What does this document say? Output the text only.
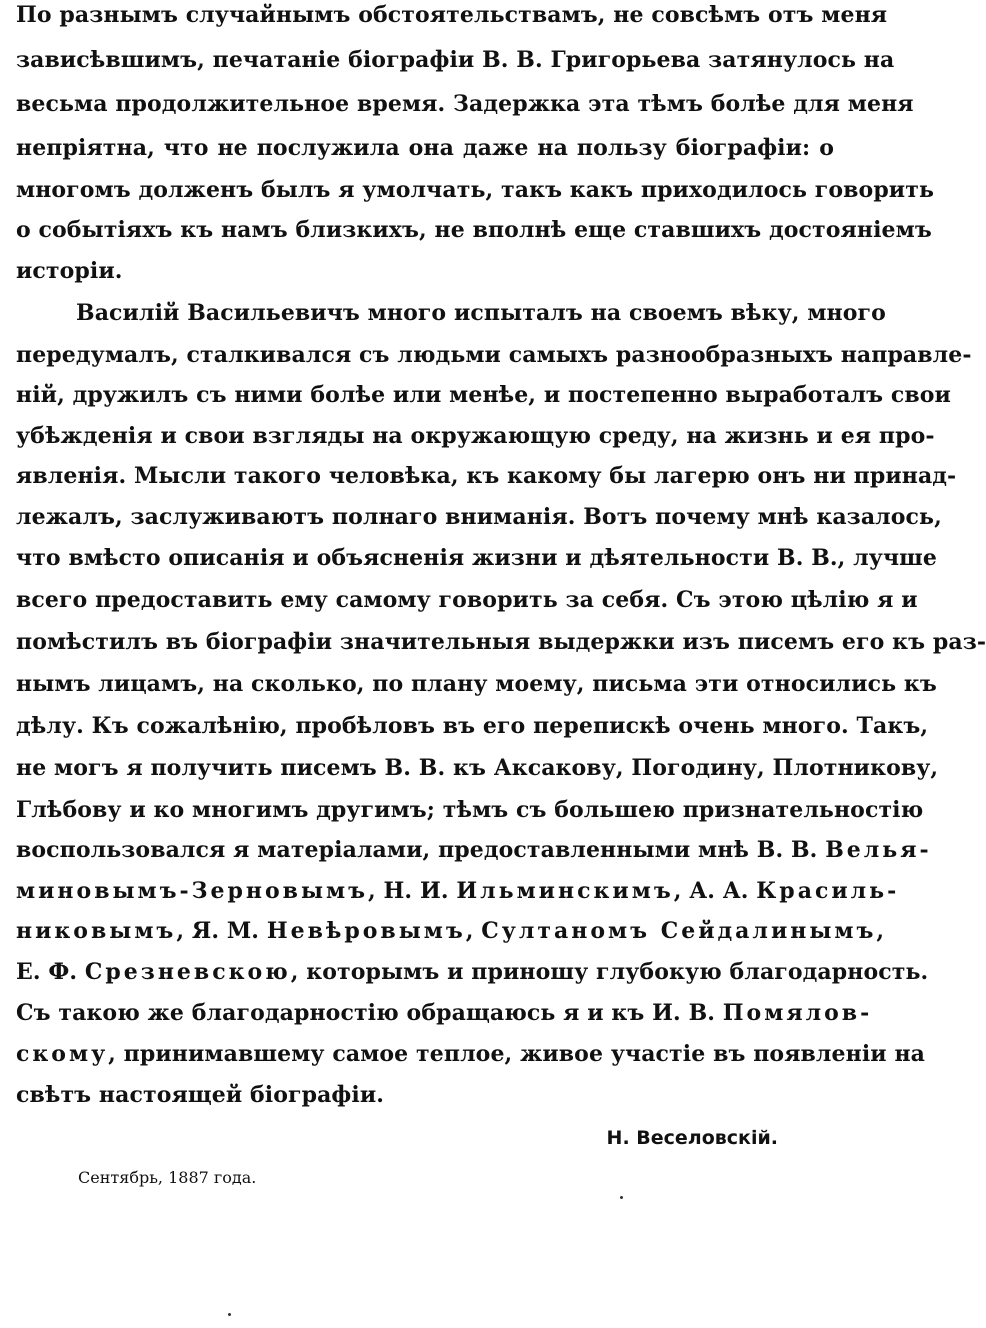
По разнымъ случайнымъ обстоятельствамъ, не совсѣмъ отъ меня
зависѣвшимъ, печатаніе біографіи В. В. Григорьева затянулось на
весьма продолжительное время. Задержка эта тѣмъ болѣе для меня
непріятна, что не послужила она даже на пользу біографіи: о
многомъ долженъ былъ я умолчать, такъ какъ приходилось говорить
о событіяхъ къ намъ близкихъ, не вполнѣ еще ставшихъ достояніемъ
исторіи.
Василій Васильевичъ много испыталъ на своемъ вѣку, много
передумалъ, сталкивался съ людьми самыхъ разнообразныхъ направле-
ній, дружилъ съ ними болѣе или менѣе, и постепенно выработалъ свои
убѣжденія и свои взгляды на окружающую среду, на жизнь и ея про-
явленія. Мысли такого человѣка, къ какому бы лагерю онъ ни принад-
лежалъ, заслуживаютъ полнаго вниманія. Вотъ почему мнѣ казалось,
что вмѣсто описанія и объясненія жизни и дѣятельности В. В., лучше
всего предоставить ему самому говорить за себя. Съ этою цѣлію я и
помѣстилъ въ біографіи значительныя выдержки изъ писемъ его къ раз-
нымъ лицамъ, на сколько, по плану моему, письма эти относились къ
дѣлу. Къ сожалѣнію, пробѣловъ въ его перепискѣ очень много. Такъ,
не могъ я получить писемъ В. В. къ Аксакову, Погодину, Плотникову,
Глѣбову и ко многимъ другимъ; тѣмъ съ большею признательностію
воспользовался я матеріалами, предоставленными мнѣ В. В. Велья-
миновымъ-Зерновымъ, Н. И. Ильминскимъ, А. А. Красиль-
никовымъ, Я. М. Невѣровымъ, Султаномъ Сейдалинымъ,
Е. Ф. Срезневскою, которымъ и приношу глубокую благодарность.
Съ такою же благодарностію обращаюсь я и къ И. В. Помялов-
скому, принимавшему самое теплое, живое участіе въ появленіи на
свѣтъ настоящей біографіи.
Н. Веселовскій.
Сентябрь, 1887 года.
